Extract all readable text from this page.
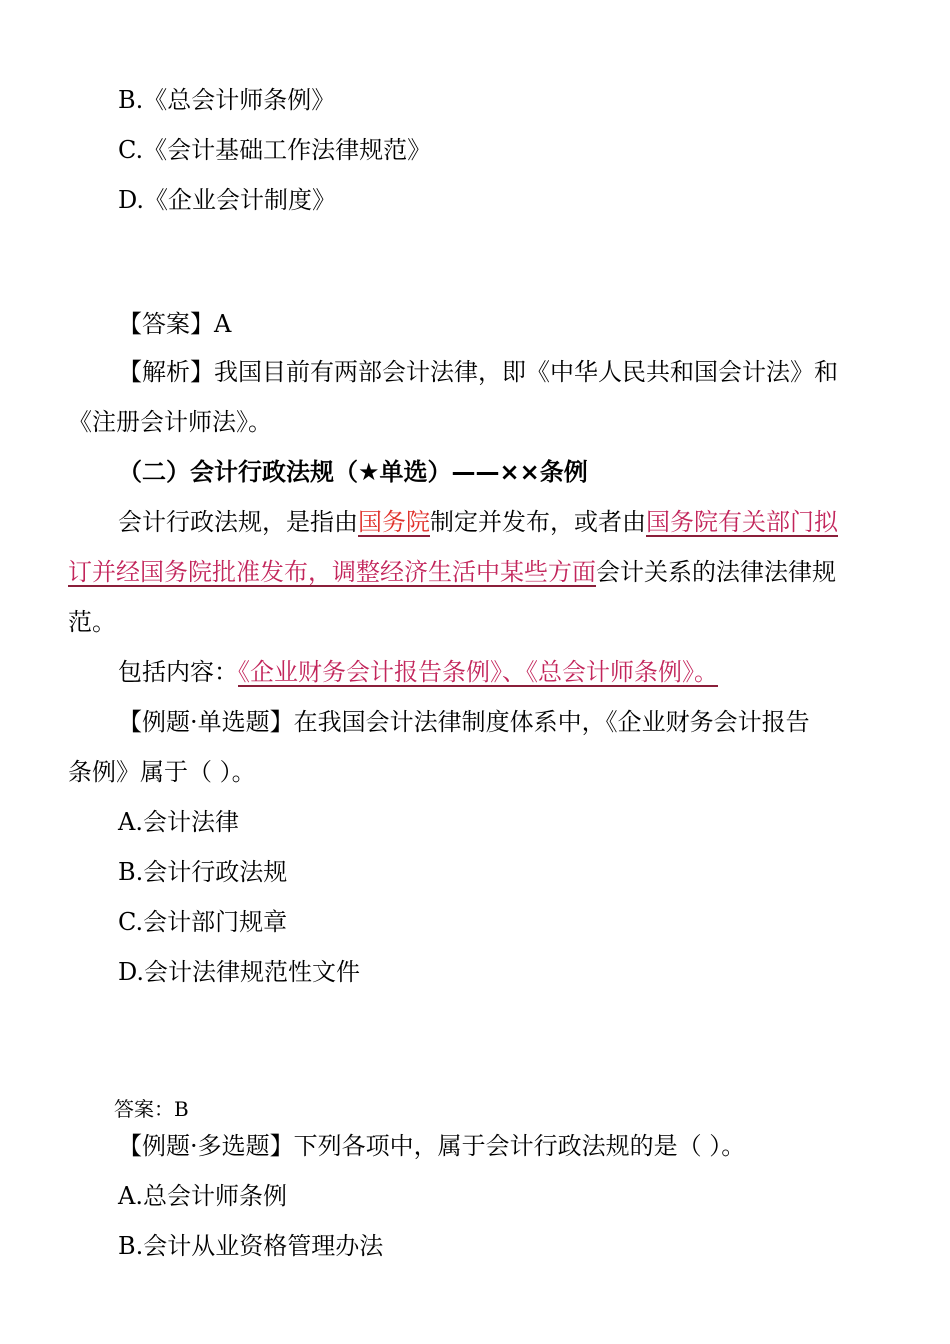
B.《总会计师条例》
C.《会计基础工作法律规范》
D.《企业会计制度》
【答案】A
【解析】我国目前有两部会计法律，即《中华人民共和国会计法》和
《注册会计师法》。
（二）会计行政法规（★单选）——××条例
会计行政法规，是指由国务院制定并发布，或者由国务院有关部门拟
订并经国务院批准发布，调整经济生活中某些方面会计关系的法律法律规
范。
包括内容：《企业财务会计报告条例》、《总会计师条例》。
【例题·单选题】在我国会计法律制度体系中，《企业财务会计报告
条例》属于（ ）。
A.会计法律
B.会计行政法规
C.会计部门规章
D.会计法律规范性文件
答案：B
【例题·多选题】下列各项中，属于会计行政法规的是（ ）。
A.总会计师条例
B.会计从业资格管理办法
